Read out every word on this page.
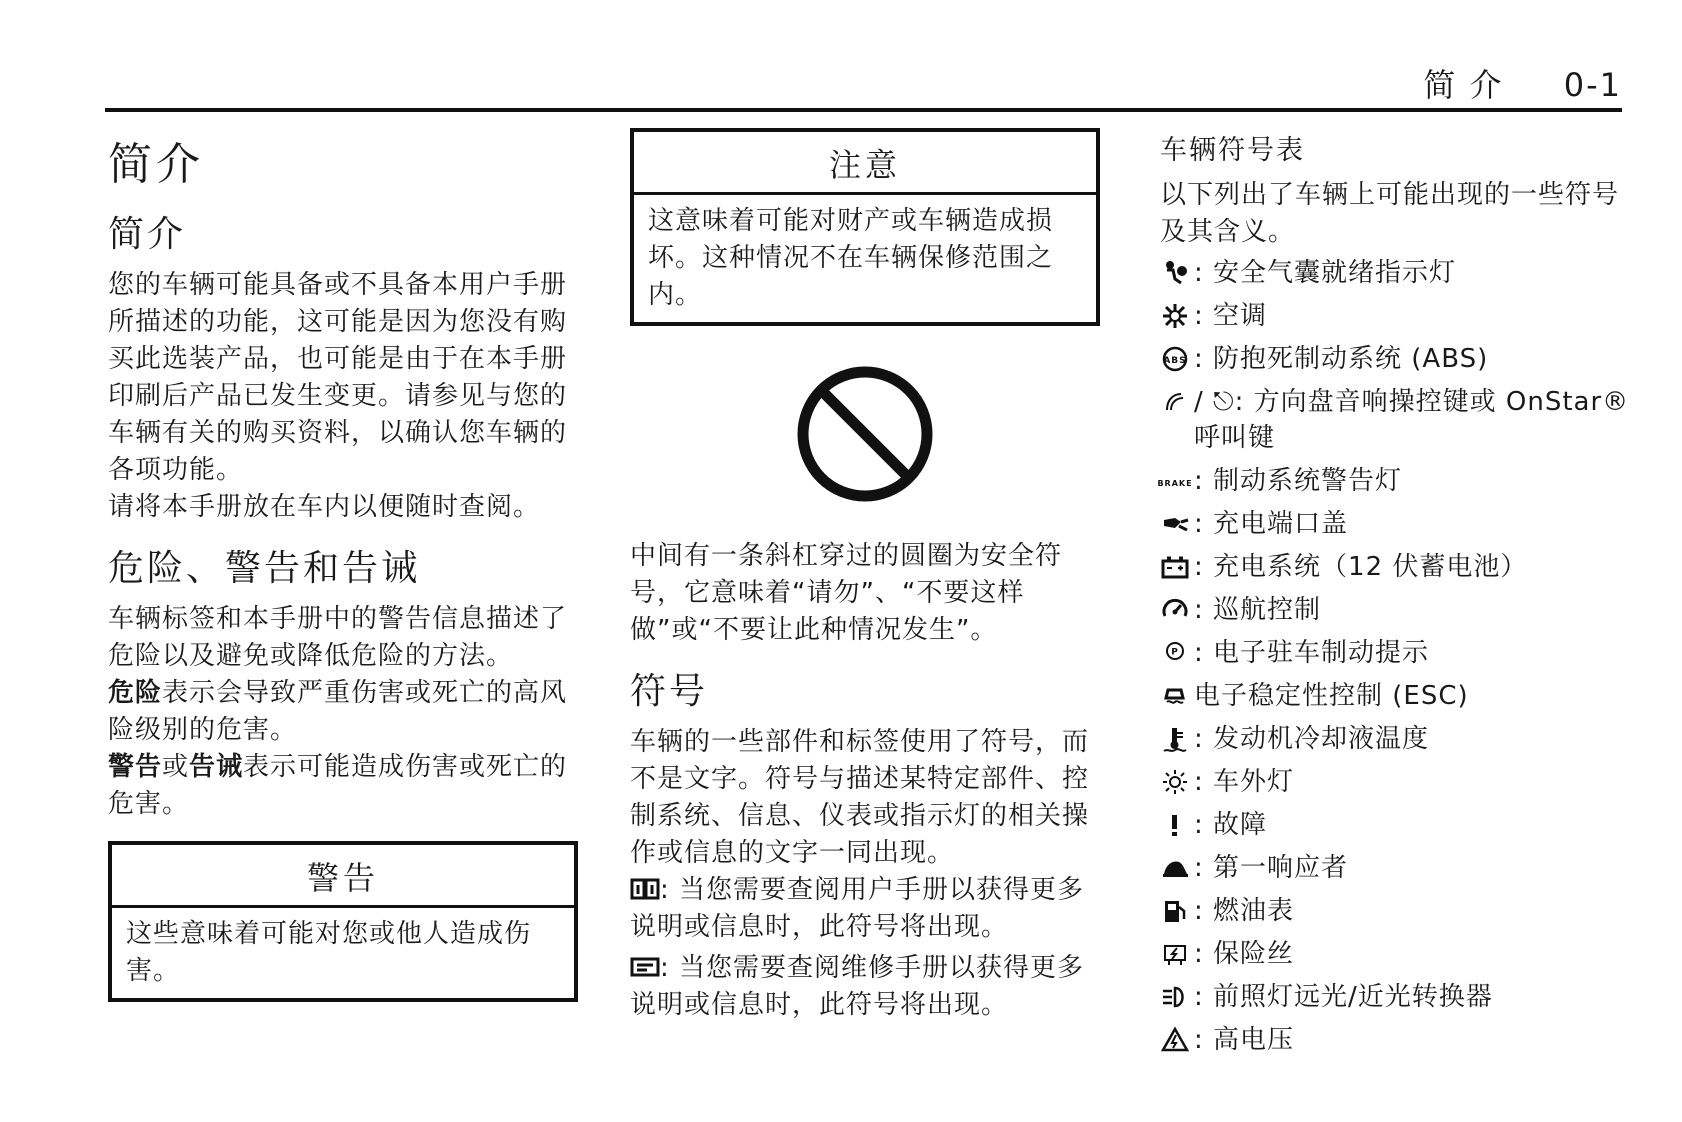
简 介 0-1
简介
简介

您的车辆可能具备或不具备本用户手册所描述的功能，这可能是因为您没有购买此选装产品，也可能是由于在本手册印刷后产品已发生变更。请参见与您的车辆有关的购买资料，以确认您车辆的各项功能。

请将本手册放在车内以便随时查阅。

危险、警告和告诫

车辆标签和本手册中的警告信息描述了危险以及避免或降低危险的方法。

危险表示会导致严重伤害或死亡的高风险级别的危害。

警告或告诫表示可能造成伤害或死亡的危害。

警告
这些意味着可能对您或他人造成伤害。
注意
这意味着可能对财产或车辆造成损坏。这种情况不在车辆保修范围之内。

中间有一条斜杠穿过的圆圈为安全符号，它意味着“请勿”、“不要这样做”或“不要让此种情况发生”。

符号

车辆的一些部件和标签使用了符号，而不是文字。符号与描述某特定部件、控制系统、信息、仪表或指示灯的相关操作或信息的文字一同出现。

: 当您需要查阅用户手册以获得更多说明或信息时，此符号将出现。

: 当您需要查阅维修手册以获得更多说明或信息时，此符号将出现。

车辆符号表

以下列出了车辆上可能出现的一些符号及其含义。

: 安全气囊就绪指示灯
: 空调
ABS : 防抱死制动系统 (ABS)
/ ⎋: 方向盘音响操控键或 OnStar®呼叫键
BRAKE : 制动系统警告灯
: 充电端口盖
: 充电系统（12 伏蓄电池）
: 巡航控制
P : 电子驻车制动提示
电子稳定性控制 (ESC)
: 发动机冷却液温度
: 车外灯
: 故障
: 第一响应者
: 燃油表
: 保险丝
: 前照灯远光/近光转换器
: 高电压
